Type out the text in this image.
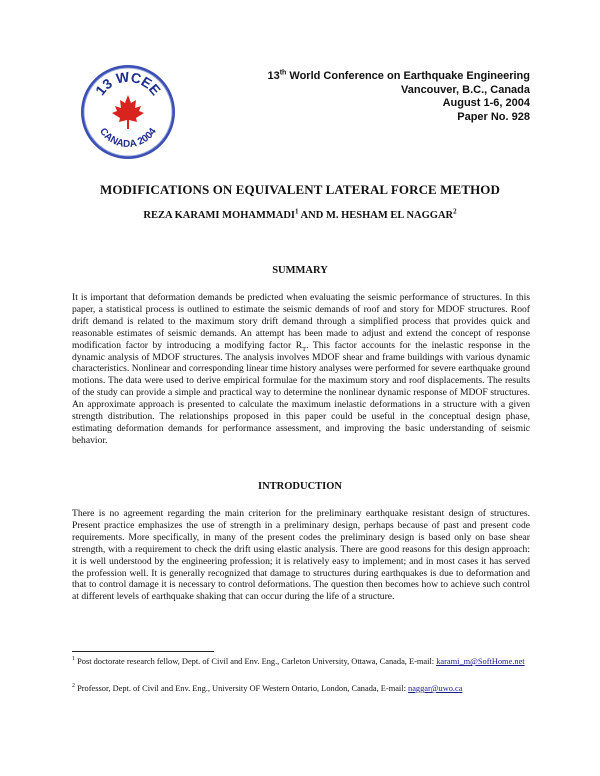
13 WCEE
CANADA 2004
13th World Conference on Earthquake Engineering
Vancouver, B.C., Canada
August 1-6, 2004
Paper No. 928
MODIFICATIONS ON EQUIVALENT LATERAL FORCE METHOD
REZA KARAMI MOHAMMADI$^1$ AND M. HESHAM EL NAGGAR$^2$
SUMMARY
It is important that deformation demands be predicted when evaluating the seismic performance of structures. In this paper, a statistical process is outlined to estimate the seismic demands of roof and story for MDOF structures. Roof drift demand is related to the maximum story drift demand through a simplified process that provides quick and reasonable estimates of seismic demands. An attempt has been made to adjust and extend the concept of response modification factor by introducing a modifying factor $R_T$. This factor accounts for the inelastic response in the dynamic analysis of MDOF structures. The analysis involves MDOF shear and frame buildings with various dynamic characteristics. Nonlinear and corresponding linear time history analyses were performed for severe earthquake ground motions. The data were used to derive empirical formulae for the maximum story and roof displacements. The results of the study can provide a simple and practical way to determine the nonlinear dynamic response of MDOF structures. An approximate approach is presented to calculate the maximum inelastic deformations in a structure with a given strength distribution. The relationships proposed in this paper could be useful in the conceptual design phase, estimating deformation demands for performance assessment, and improving the basic understanding of seismic behavior.
INTRODUCTION
There is no agreement regarding the main criterion for the preliminary earthquake resistant design of structures. Present practice emphasizes the use of strength in a preliminary design, perhaps because of past and present code requirements. More specifically, in many of the present codes the preliminary design is based only on base shear strength, with a requirement to check the drift using elastic analysis. There are good reasons for this design approach: it is well understood by the engineering profession; it is relatively easy to implement; and in most cases it has served the profession well. It is generally recognized that damage to structures during earthquakes is due to deformation and that to control damage it is necessary to control deformations. The question then becomes how to achieve such control at different levels of earthquake shaking that can occur during the life of a structure.
$^1$ Post doctorate research fellow, Dept. of Civil and Env. Eng., Carleton University, Ottawa, Canada, E-mail: karami_m@SoftHome.net
$^2$ Professor, Dept. of Civil and Env. Eng., University OF Western Ontario, London, Canada, E-mail: naggar@uwo.ca
